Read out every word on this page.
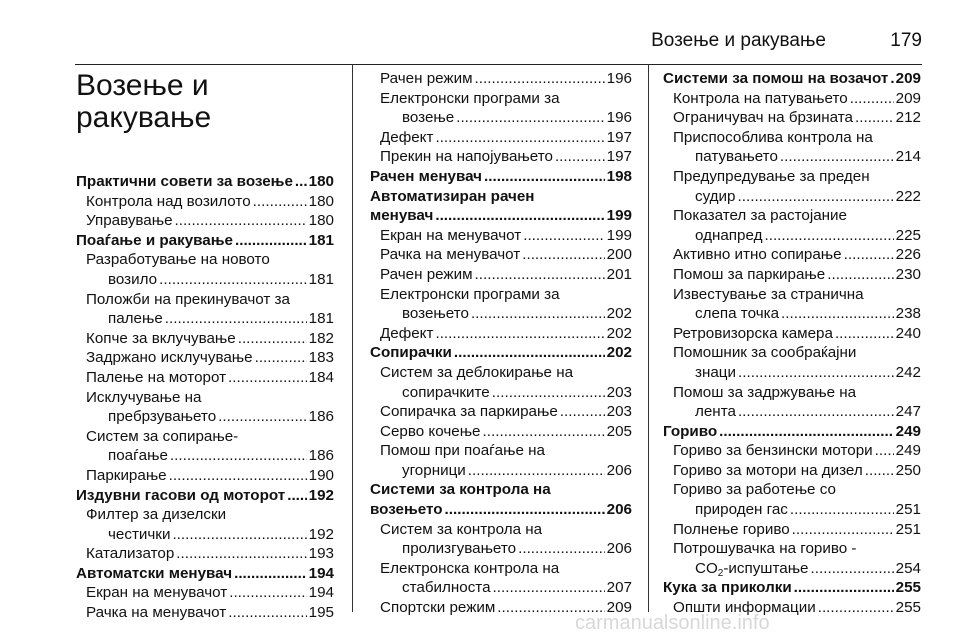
Возење и ракување	179
Возење и
ракување
Практични совети за возење . . . 180
Контрола над возилото . . .	180
Управување . . .	180
Поаѓање и ракување . . .	181
Разработување на новото
возило . . .	181
Положби на прекинувачот за
палење . . .	181
Копче за вклучување . . .	182
Задржано исклучување . . .	183
Палење на моторот . . .	184
Исклучување на
пребрзувањето . . .	186
Систем за сопирање-
поаѓање . . .	186
Паркирање . . .	190
Издувни гасови од моторот . . . 192
Филтер за дизелски
честички . . .	192
Катализатор . . .	193
Автоматски менувач . . .	194
Екран на менувачот . . .	194
Рачка на менувачот . . .	195
Рачен режим . . .	196
Електронски програми за
возење . . .	196
Дефект . . .	197
Прекин на напојувањето . . .	197
Рачен менувач . . .	198
Автоматизиран рачен
менувач . . .	199
Екран на менувачот . . .	199
Рачка на менувачот . . .	200
Рачен режим . . .	201
Електронски програми за
возењето . . .	202
Дефект . . .	202
Сопирачки . . .	202
Систем за деблокирање на
сопирачките . . .	203
Сопирачка за паркирање . . .	203
Серво кочење . . .	205
Помош при поаѓање на
угорници . . .	206
Системи за контрола на
возењето . . .	206
Систем за контрола на
пролизгувањето . . .	206
Електронска контрола на
стабилноста . . .	207
Спортски режим . . .	209
Системи за помош на возачот . . . 209
Контрола на патувањето . . .	209
Ограничувач на брзината . . .	212
Приспособлива контрола на
патувањето . . .	214
Предупредување за преден
судир . . .	222
Показател за растојание
однапред . . .	225
Активно итно сопирање . . .	226
Помош за паркирање . . .	230
Известување за странична
слепа точка . . .	238
Ретровизорска камера . . .	240
Помошник за сообраќајни
знаци . . .	242
Помош за задржување на
лента . . .	247
Гориво . . .	249
Гориво за бензински мотори . . . 249
Гориво за мотори на дизел . . . 250
Гориво за работење со
природен гас . . .	251
Полнење гориво . . .	251
Потрошувачка на гориво -
$CO_2$-испуштање . . .	254
Кука за приколки . . .	255
Општи информации . . .	255
carmanualsonline.info
